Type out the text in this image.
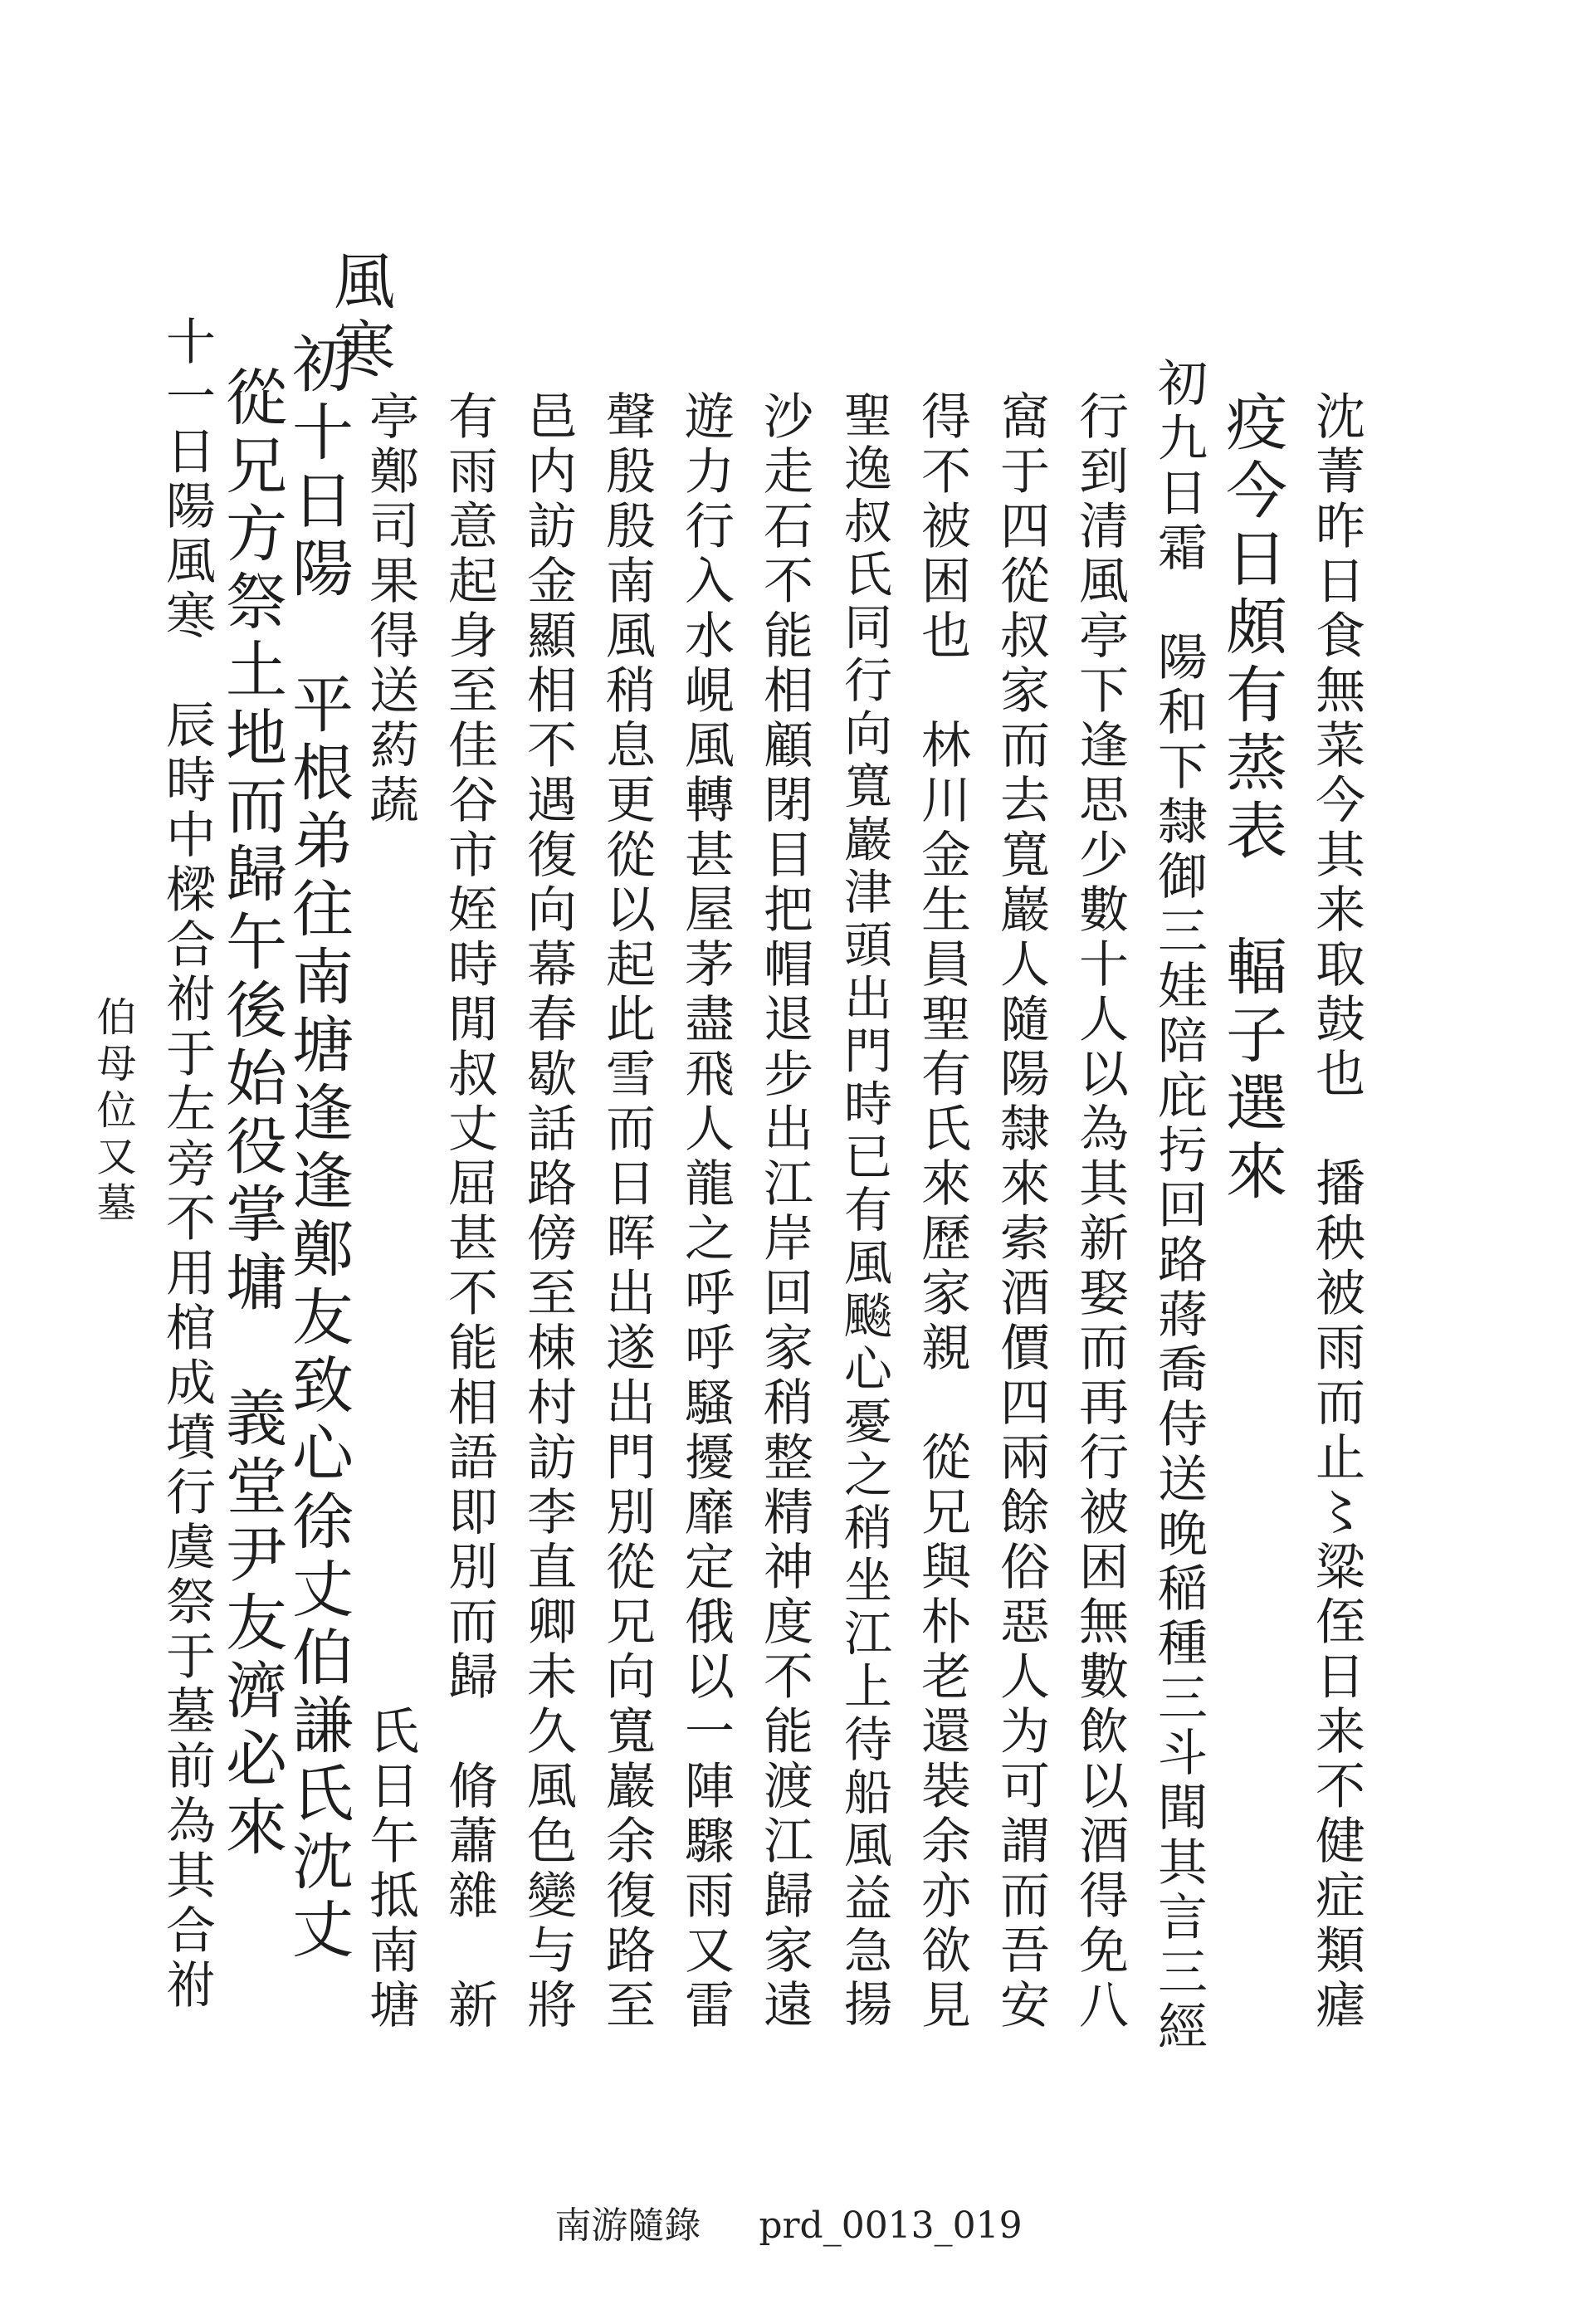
沈菁昨日食無菜今其来取鼓也　播秧被雨而止〻粱侄日来不健症類瘧
疫今日頗有蒸表　輻子選來
初九日霜　陽和下隸御三娃陪庇扝回路蔣喬侍送晚稲種三斗聞其言三經
行到清風亭下逢思少數十人以為其新娶而再行被困無數飲以酒得免八
窩于四從叔家而去寬巖人隨陽隸來索酒價四兩餘俗惡人为可謂而吾安
得不被困也　林川金生員聖有氏來歷家親　從兄與朴老還裝余亦欲見
聖逸叔氏同行向寬巖津頭出門時已有風飈心憂之稍坐江上待船風益急揚
沙走石不能相顧閉目把帽退步出江岸回家稍整精神度不能渡江歸家遠
遊力行入水峴風轉甚屋茅盡飛人龍之呼呼騷擾靡定俄以一陣驟雨又雷
聲殷殷南風稍息更從以起此雪而日晖出遂出門別從兄向寬巖余復路至
邑内訪金顯相不遇復向幕春歇話路傍至梀村訪李直卿未久風色變与將
有雨意起身至佳谷市姪時閒叔丈屈甚不能相語即別而歸　脩蕭雜　新
亭鄭司果得送葯蔬　　　　　　　　　　　　　　　　氏日午抵南塘
初十日陽　平根弟往南塘逢逢鄭友致心徐丈伯謙氏沈丈
從兄方祭土地而歸午後始役掌墉　義堂尹友濟必來
十一日陽風寒　辰時中樑合祔于左旁不用棺成墳行虞祭于墓前為其合祔
伯母位又墓
風寒
南游隨錄 prd_0013_019
